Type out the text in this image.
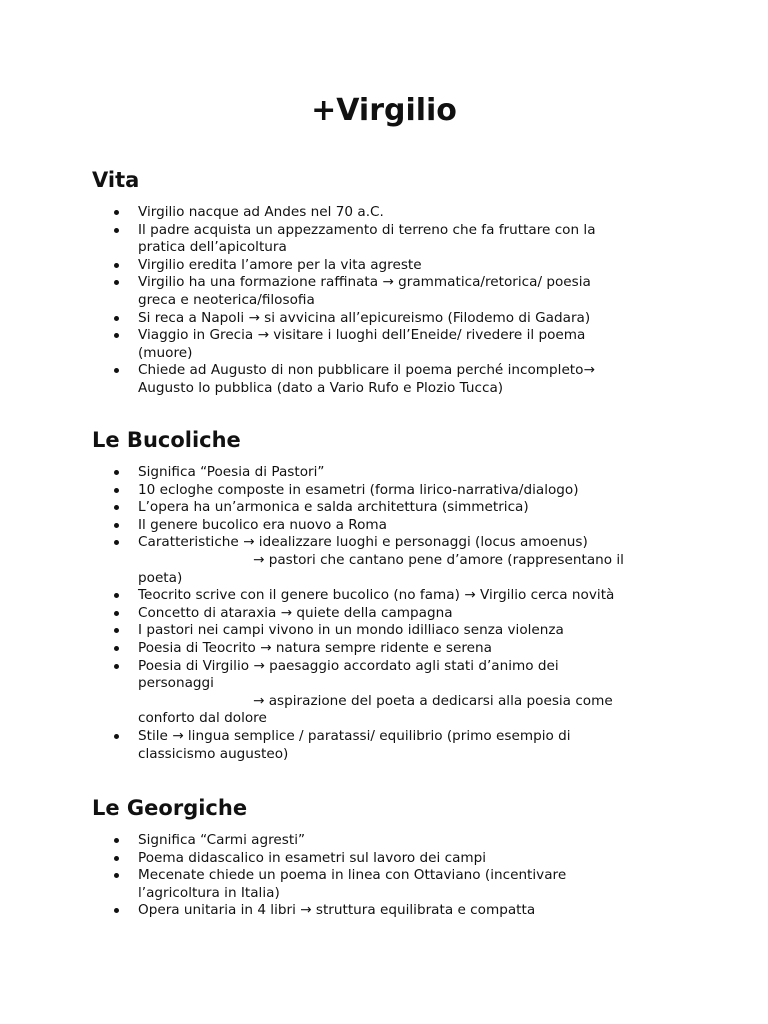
+Virgilio
Vita
Virgilio nacque ad Andes nel 70 a.C.
Il padre acquista un appezzamento di terreno che fa fruttare con la
pratica dell’apicoltura
Virgilio eredita l’amore per la vita agreste
Virgilio ha una formazione raffinata → grammatica/retorica/ poesia
greca e neoterica/filosofia
Si reca a Napoli → si avvicina all’epicureismo (Filodemo di Gadara)
Viaggio in Grecia → visitare i luoghi dell’Eneide/ rivedere il poema
(muore)
Chiede ad Augusto di non pubblicare il poema perché incompleto→
Augusto lo pubblica (dato a Vario Rufo e Plozio Tucca)
Le Bucoliche
Significa “Poesia di Pastori”
10 ecloghe composte in esametri (forma lirico-narrativa/dialogo)
L’opera ha un’armonica e salda architettura (simmetrica)
Il genere bucolico era nuovo a Roma
Caratteristiche → idealizzare luoghi e personaggi (locus amoenus)
→ pastori che cantano pene d’amore (rappresentano il
poeta)
Teocrito scrive con il genere bucolico (no fama) → Virgilio cerca novità
Concetto di ataraxia → quiete della campagna
I pastori nei campi vivono in un mondo idilliaco senza violenza
Poesia di Teocrito → natura sempre ridente e serena
Poesia di Virgilio → paesaggio accordato agli stati d’animo dei
personaggi
→ aspirazione del poeta a dedicarsi alla poesia come
conforto dal dolore
Stile → lingua semplice / paratassi/ equilibrio (primo esempio di
classicismo augusteo)
Le Georgiche
Significa “Carmi agresti”
Poema didascalico in esametri sul lavoro dei campi
Mecenate chiede un poema in linea con Ottaviano (incentivare
l’agricoltura in Italia)
Opera unitaria in 4 libri → struttura equilibrata e compatta
